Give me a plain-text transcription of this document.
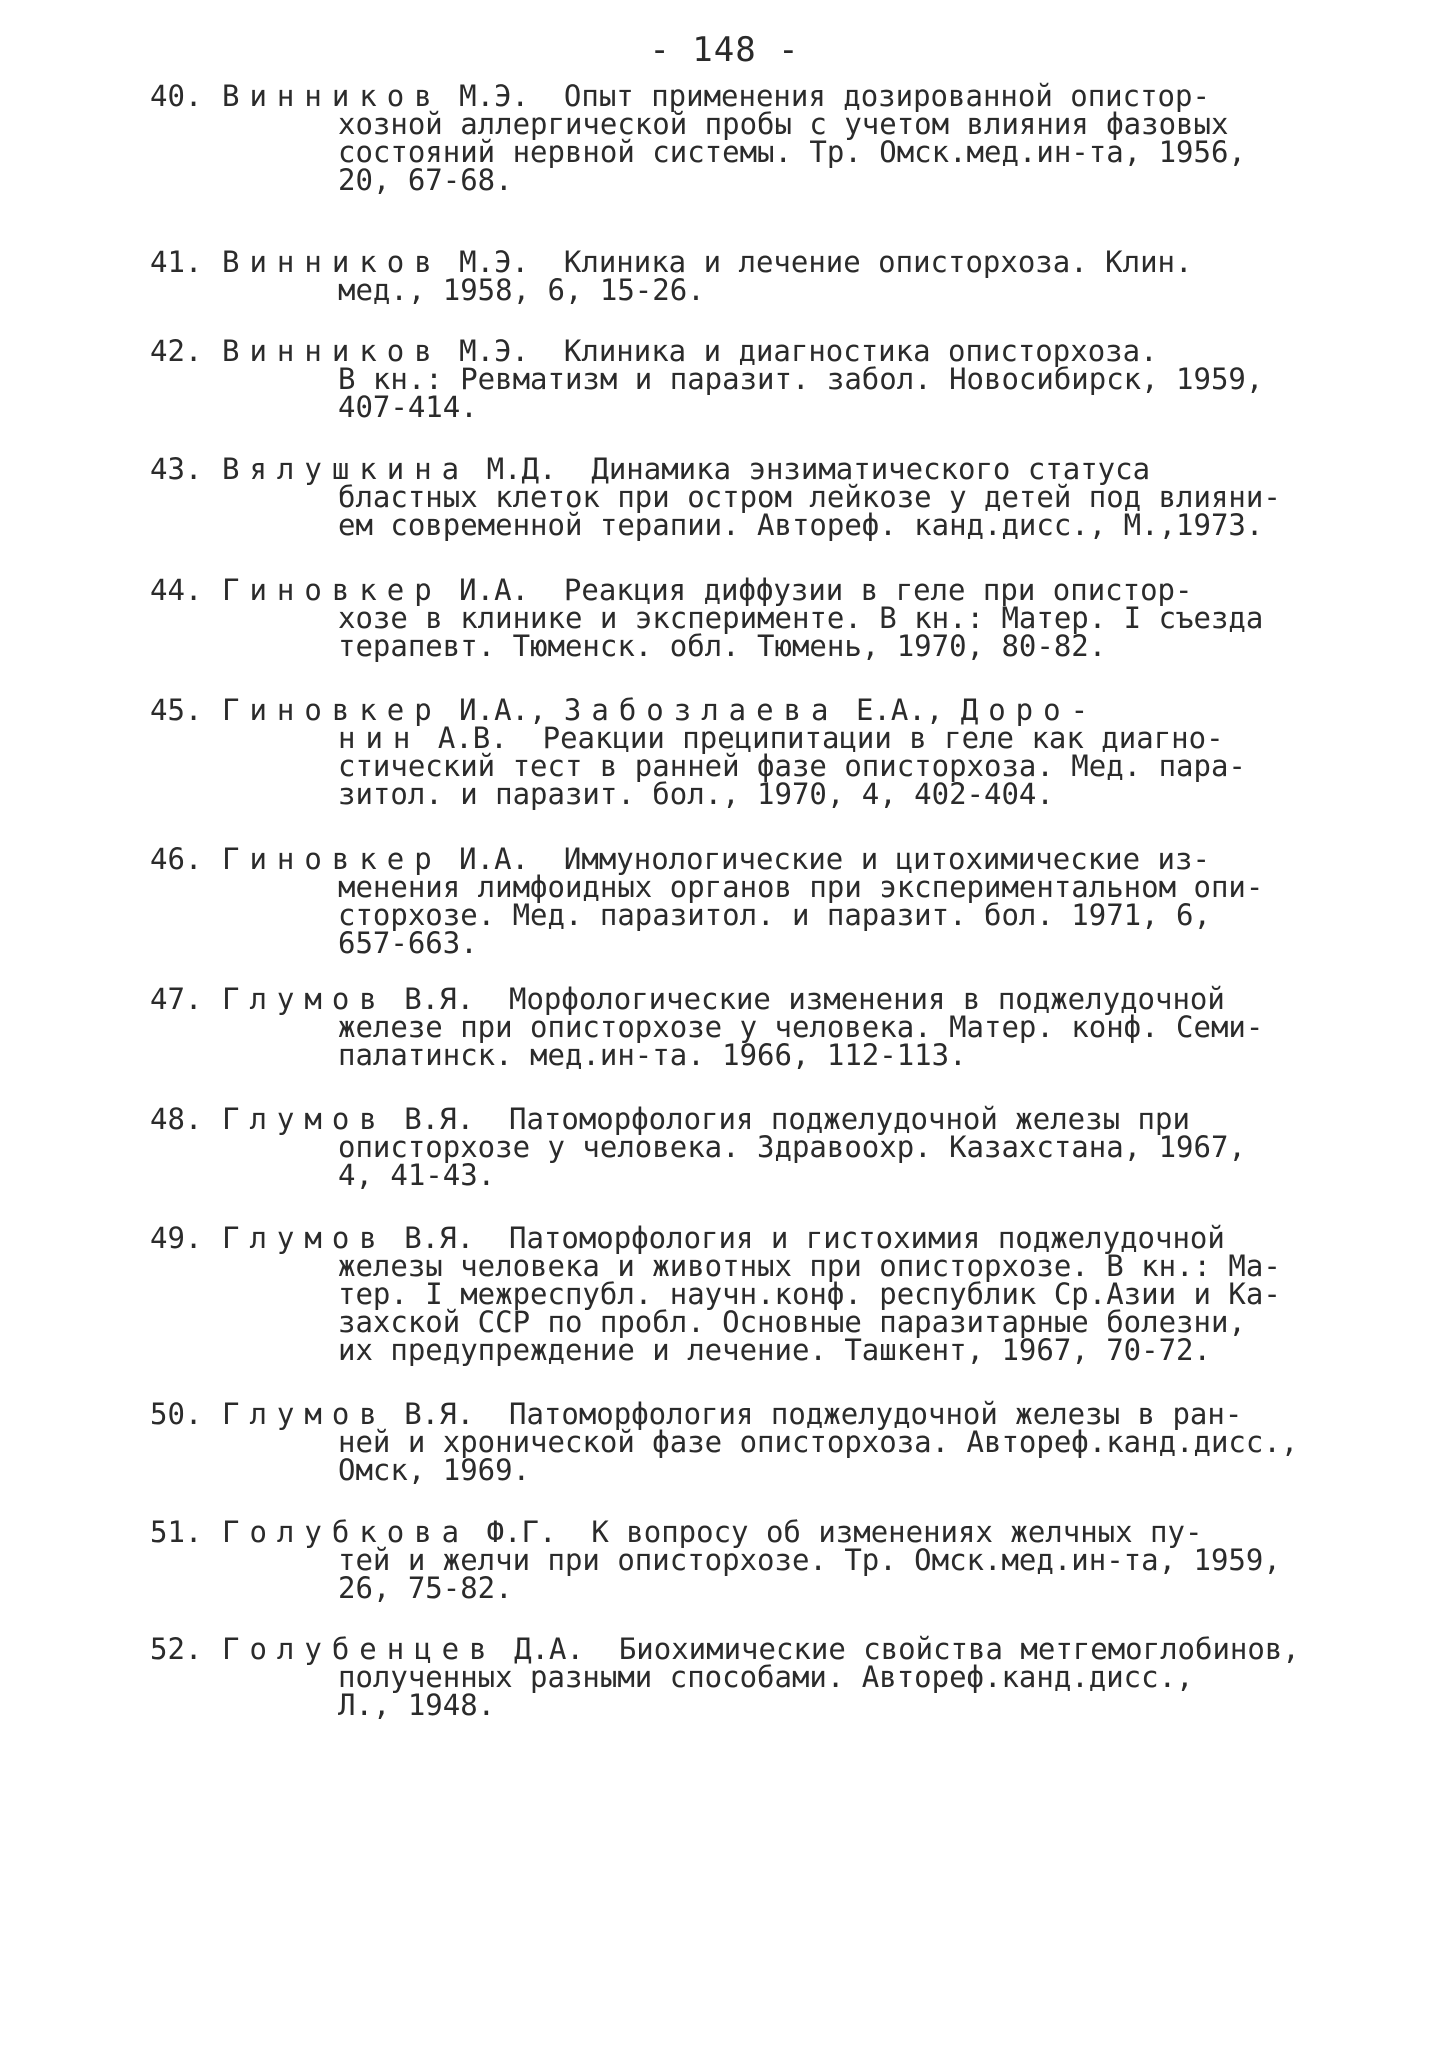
- 148 -
40. Винников М.Э.  Опыт применения дозированной опистор-
хозной аллергической пробы с учетом влияния фазовых
состояний нервной системы. Тр. Омск.мед.ин-та, 1956,
20, 67-68.
41. Винников М.Э.  Клиника и лечение описторхоза. Клин.
мед., 1958, 6, 15-26.
42. Винников М.Э.  Клиника и диагностика описторхоза.
В кн.: Ревматизм и паразит. забол. Новосибирск, 1959,
407-414.
43. Вялушкина М.Д.  Динамика энзиматического статуса
бластных клеток при остром лейкозе у детей под влияни-
ем современной терапии. Автореф. канд.дисс., М.,1973.
44. Гиновкер И.А.  Реакция диффузии в геле при опистор-
хозе в клинике и эксперименте. В кн.: Матер. I съезда
терапевт. Тюменск. обл. Тюмень, 1970, 80-82.
45. Гиновкер И.А., Забозлаева Е.А., Доро-
нин А.В.  Реакции преципитации в геле как диагно-
стический тест в ранней фазе описторхоза. Мед. пара-
зитол. и паразит. бол., 1970, 4, 402-404.
46. Гиновкер И.А.  Иммунологические и цитохимические из-
менения лимфоидных органов при экспериментальном опи-
сторхозе. Мед. паразитол. и паразит. бол. 1971, 6,
657-663.
47. Глумов В.Я.  Морфологические изменения в поджелудочной
железе при описторхозе у человека. Матер. конф. Семи-
палатинск. мед.ин-та. 1966, 112-113.
48. Глумов В.Я.  Патоморфология поджелудочной железы при
описторхозе у человека. Здравоохр. Казахстана, 1967,
4, 41-43.
49. Глумов В.Я.  Патоморфология и гистохимия поджелудочной
железы человека и животных при описторхозе. В кн.: Ма-
тер. I межреспубл. научн.конф. республик Ср.Азии и Ка-
захской ССР по пробл. Основные паразитарные болезни,
их предупреждение и лечение. Ташкент, 1967, 70-72.
50. Глумов В.Я.  Патоморфология поджелудочной железы в ран-
ней и хронической фазе описторхоза. Автореф.канд.дисс.,
Омск, 1969.
51. Голубкова Ф.Г.  К вопросу об изменениях желчных пу-
тей и желчи при описторхозе. Тр. Омск.мед.ин-та, 1959,
26, 75-82.
52. Голубенцев Д.А.  Биохимические свойства метгемоглобинов,
полученных разными способами. Автореф.канд.дисс.,
Л., 1948.
